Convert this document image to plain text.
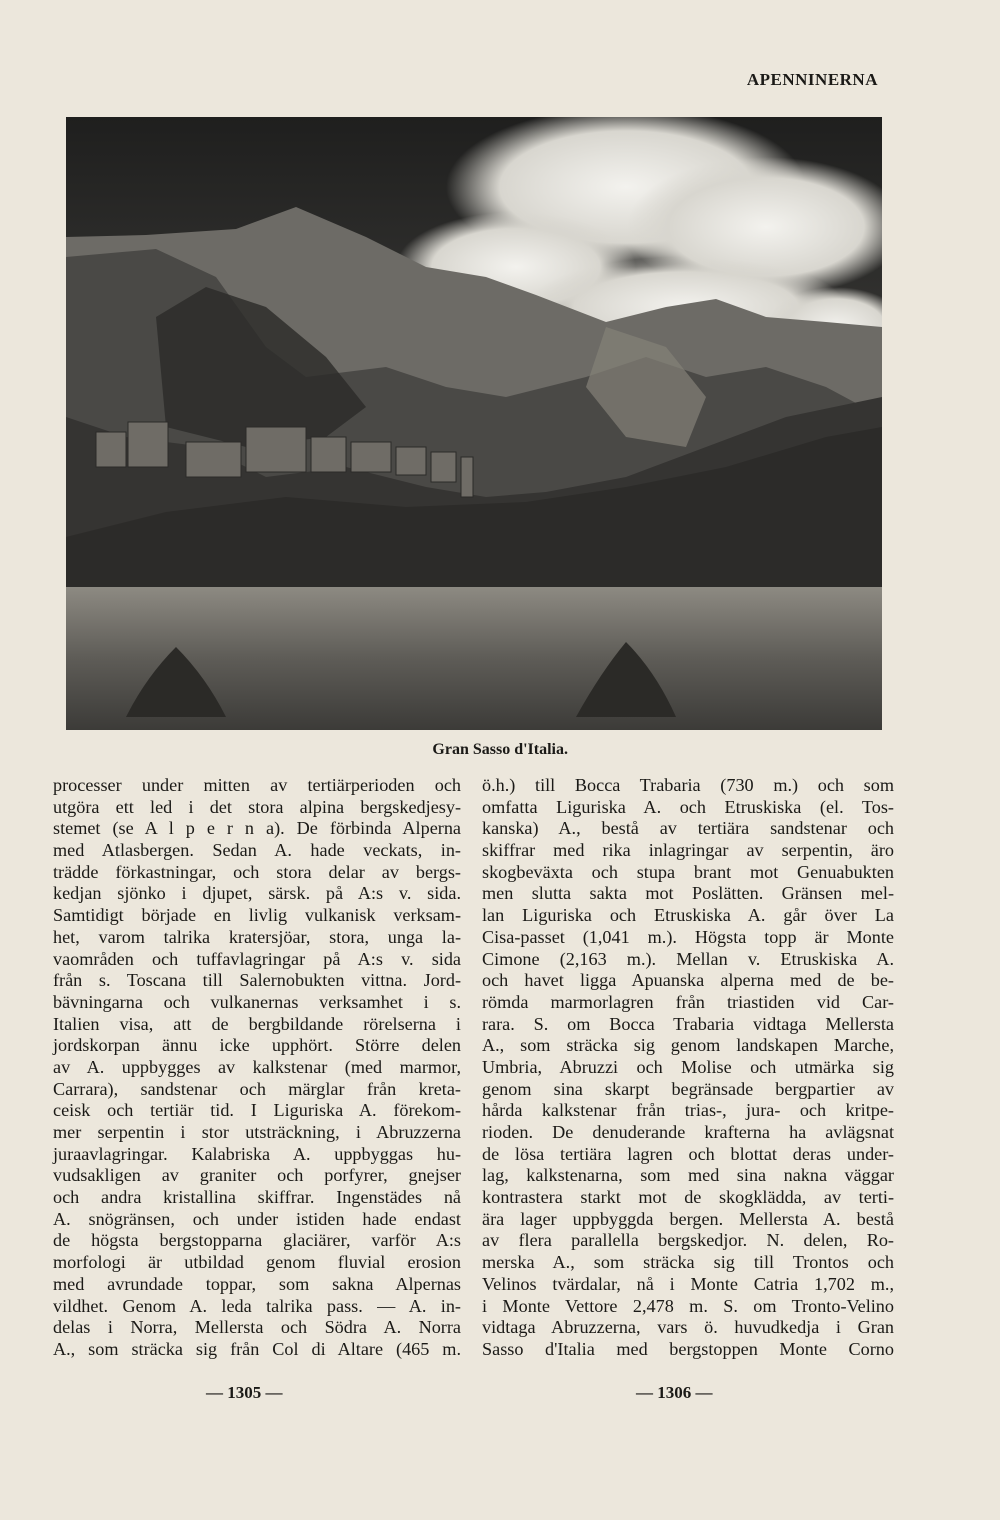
APENNINERNA
Gran Sasso d'Italia.
processer under mitten av tertiärperioden och
utgöra ett led i det stora alpina bergskedjesy-
stemet (se A l p e r n a). De förbinda Alperna
med Atlasbergen. Sedan A. hade veckats, in-
trädde förkastningar, och stora delar av bergs-
kedjan sjönko i djupet, särsk. på A:s v. sida.
Samtidigt började en livlig vulkanisk verksam-
het, varom talrika kratersjöar, stora, unga la-
vaområden och tuffavlagringar på A:s v. sida
från s. Toscana till Salernobukten vittna. Jord-
bävningarna och vulkanernas verksamhet i s.
Italien visa, att de bergbildande rörelserna i
jordskorpan ännu icke upphört. Större delen
av A. uppbygges av kalkstenar (med marmor,
Carrara), sandstenar och märglar från kreta-
ceisk och tertiär tid. I Liguriska A. förekom-
mer serpentin i stor utsträckning, i Abruzzerna
juraavlagringar. Kalabriska A. uppbyggas hu-
vudsakligen av graniter och porfyrer, gnejser
och andra kristallina skiffrar. Ingenstädes nå
A. snögränsen, och under istiden hade endast
de högsta bergstopparna glaciärer, varför A:s
morfologi är utbildad genom fluvial erosion
med avrundade toppar, som sakna Alpernas
vildhet. Genom A. leda talrika pass. — A. in-
delas i Norra, Mellersta och Södra A. Norra
A., som sträcka sig från Col di Altare (465 m.
ö.h.) till Bocca Trabaria (730 m.) och som
omfatta Liguriska A. och Etruskiska (el. Tos-
kanska) A., bestå av tertiära sandstenar och
skiffrar med rika inlagringar av serpentin, äro
skogbeväxta och stupa brant mot Genuabukten
men slutta sakta mot Poslätten. Gränsen mel-
lan Liguriska och Etruskiska A. går över La
Cisa-passet (1,041 m.). Högsta topp är Monte
Cimone (2,163 m.). Mellan v. Etruskiska A.
och havet ligga Apuanska alperna med de be-
römda marmorlagren från triastiden vid Car-
rara. S. om Bocca Trabaria vidtaga Mellersta
A., som sträcka sig genom landskapen Marche,
Umbria, Abruzzi och Molise och utmärka sig
genom sina skarpt begränsade bergpartier av
hårda kalkstenar från trias-, jura- och kritpe-
rioden. De denuderande krafterna ha avlägsnat
de lösa tertiära lagren och blottat deras under-
lag, kalkstenarna, som med sina nakna väggar
kontrastera starkt mot de skogklädda, av terti-
ära lager uppbyggda bergen. Mellersta A. bestå
av flera parallella bergskedjor. N. delen, Ro-
merska A., som sträcka sig till Trontos och
Velinos tvärdalar, nå i Monte Catria 1,702 m.,
i Monte Vettore 2,478 m. S. om Tronto-Velino
vidtaga Abruzzerna, vars ö. huvudkedja i Gran
Sasso d'Italia med bergstoppen Monte Corno
— 1305 —	— 1306 —
